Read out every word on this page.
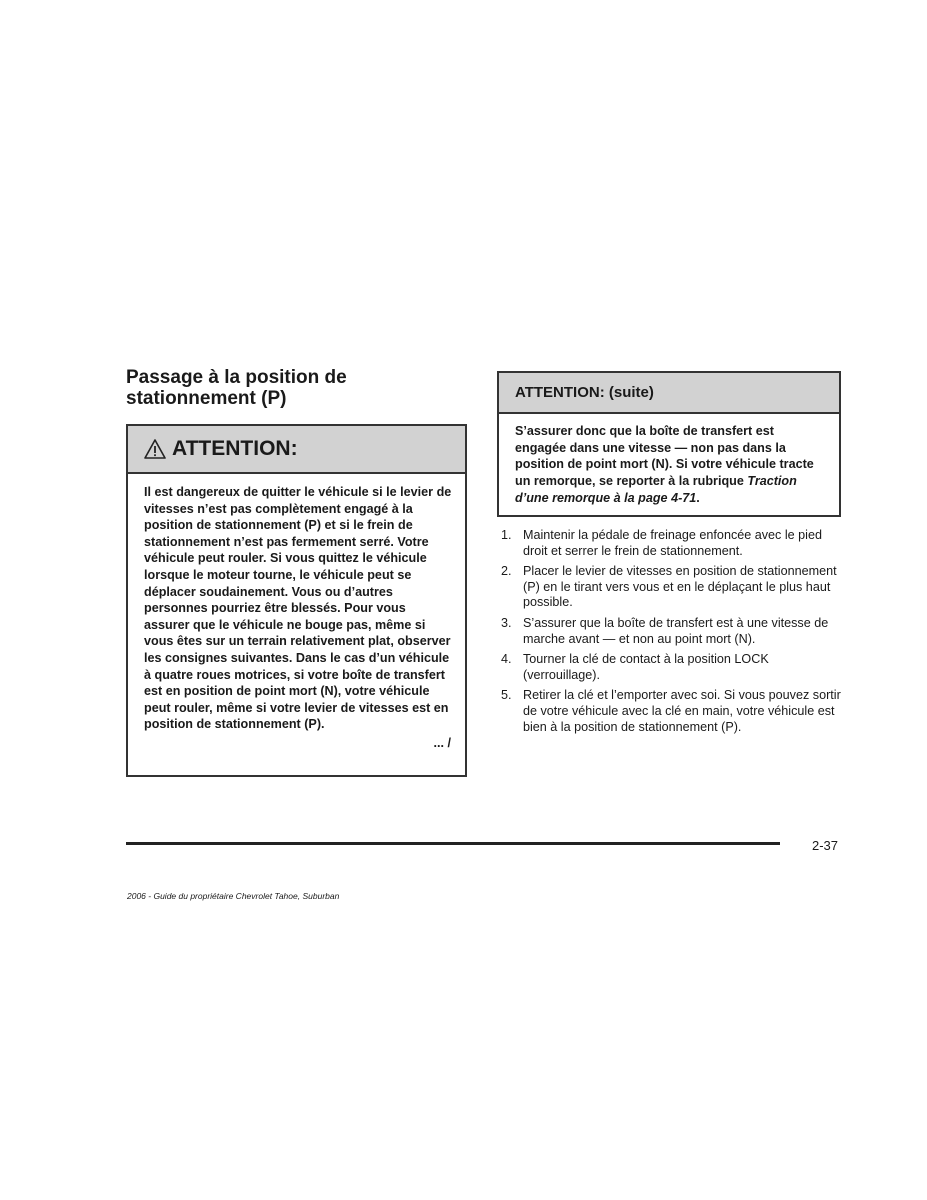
Passage à la position de stationnement (P)
ATTENTION:
Il est dangereux de quitter le véhicule si le levier de vitesses n’est pas complètement engagé à la position de stationnement (P) et si le frein de stationnement n’est pas fermement serré. Votre véhicule peut rouler. Si vous quittez le véhicule lorsque le moteur tourne, le véhicule peut se déplacer soudainement. Vous ou d’autres personnes pourriez être blessés. Pour vous assurer que le véhicule ne bouge pas, même si vous êtes sur un terrain relativement plat, observer les consignes suivantes. Dans le cas d’un véhicule à quatre roues motrices, si votre boîte de transfert est en position de point mort (N), votre véhicule peut rouler, même si votre levier de vitesses est en position de stationnement (P).
... /
ATTENTION: (suite)
S’assurer donc que la boîte de transfert est engagée dans une vitesse — non pas dans la position de point mort (N). Si votre véhicule tracte un remorque, se reporter à la rubrique Traction d’une remorque à la page 4-71.
1. Maintenir la pédale de freinage enfoncée avec le pied droit et serrer le frein de stationnement.
2. Placer le levier de vitesses en position de stationnement (P) en le tirant vers vous et en le déplaçant le plus haut possible.
3. S’assurer que la boîte de transfert est à une vitesse de marche avant — et non au point mort (N).
4. Tourner la clé de contact à la position LOCK (verrouillage).
5. Retirer la clé et l’emporter avec soi. Si vous pouvez sortir de votre véhicule avec la clé en main, votre véhicule est bien à la position de stationnement (P).
2-37
2006 - Guide du propriétaire Chevrolet Tahoe, Suburban
